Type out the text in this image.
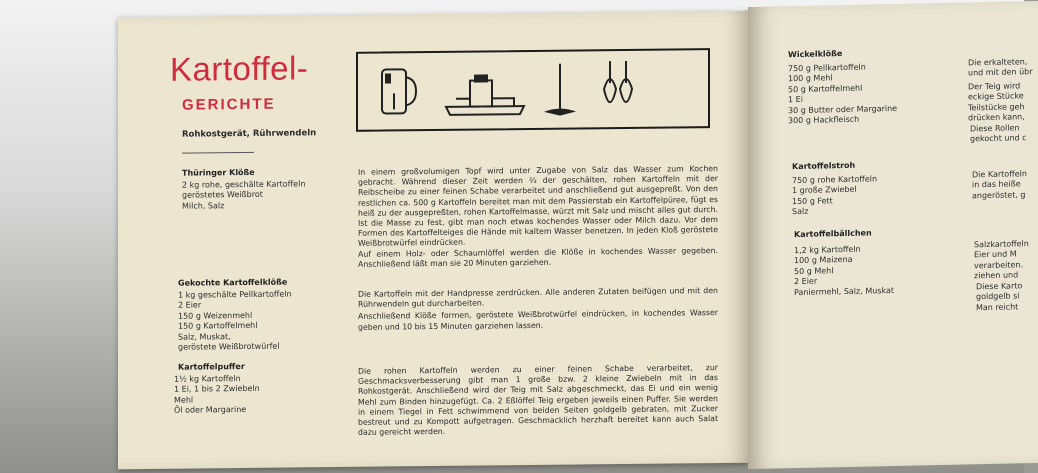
Kartoffel-
GERICHTE
Rohkostgerät, Rührwendeln
Thüringer Klöße
2 kg rohe, geschälte Kartoffeln
geröstetes Weißbrot
Milch, Salz

In einem großvolumigen Topf wird unter Zugabe von Salz das Wasser zum Kochen gebracht. Während dieser Zeit werden ⅔ der geschälten, rohen Kartoffeln mit der Reibscheibe zu einer feinen Schabe verarbeitet und anschließend gut ausgepreßt. Von den restlichen ca. 500 g Kartoffeln bereitet man mit dem Passierstab ein Kartoffelpüree, fügt es heiß zu der ausgepreßten, rohen Kartoffelmasse, würzt mit Salz und mischt alles gut durch. Ist die Masse zu fest, gibt man noch etwas kochendes Wasser oder Milch dazu. Vor dem Formen des Kartoffelteiges die Hände mit kaltem Wasser benetzen. In jeden Kloß geröstete Weißbrotwürfel eindrücken.

Auf einem Holz- oder Schaumlöffel werden die Klöße in kochendes Wasser gegeben. Anschließend läßt man sie 20 Minuten garziehen.

Gekochte Kartoffelklöße
1 kg geschälte Pellkartoffeln
2 Eier
150 g Weizenmehl
150 g Kartoffelmehl
Salz, Muskat,
geröstete Weißbrotwürfel

Die Kartoffeln mit der Handpresse zerdrücken. Alle anderen Zutaten beifügen und mit den Rührwendeln gut durcharbeiten.

Anschließend Klöße formen, geröstete Weißbrotwürfel eindrücken, in kochendes Wasser geben und 10 bis 15 Minuten garziehen lassen.

Kartoffelpuffer
1½ kg Kartoffeln
1 Ei, 1 bis 2 Zwiebeln
Mehl
Öl oder Margarine

Die rohen Kartoffeln werden zu einer feinen Schabe verarbeitet, zur Geschmacksverbesserung gibt man 1 große bzw. 2 kleine Zwiebeln mit in das Rohkostgerät. Anschließend wird der Teig mit Salz abgeschmeckt, das Ei und ein wenig Mehl zum Binden hinzugefügt. Ca. 2 Eßlöffel Teig ergeben jeweils einen Puffer. Sie werden in einem Tiegel in Fett schwimmend von beiden Seiten goldgelb gebraten, mit Zucker bestreut und zu Kompott aufgetragen. Geschmacklich herzhaft bereitet kann auch Salat dazu gereicht werden.

Wickelklöße
750 g Pellkartoffeln
100 g Mehl
50 g Kartoffelmehl
1 Ei
30 g Butter oder Margarine
300 g Hackfleisch
Kartoffelstroh
750 g rohe Kartoffeln
1 große Zwiebel
150 g Fett
Salz
Kartoffelbällchen
1,2 kg Kartoffeln
100 g Maizena
50 g Mehl
2 Eier
Paniermehl, Salz, Muskat
Die erkalteten,
und mit den übr
Der Teig wird
eckige Stücke
Teilstücke geh
drücken kann,
Diese Rollen
gekocht und c
Die Kartoffeln
in das heiße
angeröstet, g
Salzkartoffeln
Eier und M
verarbeiten.
ziehen und
Diese Karto
goldgelb si
Man reicht
